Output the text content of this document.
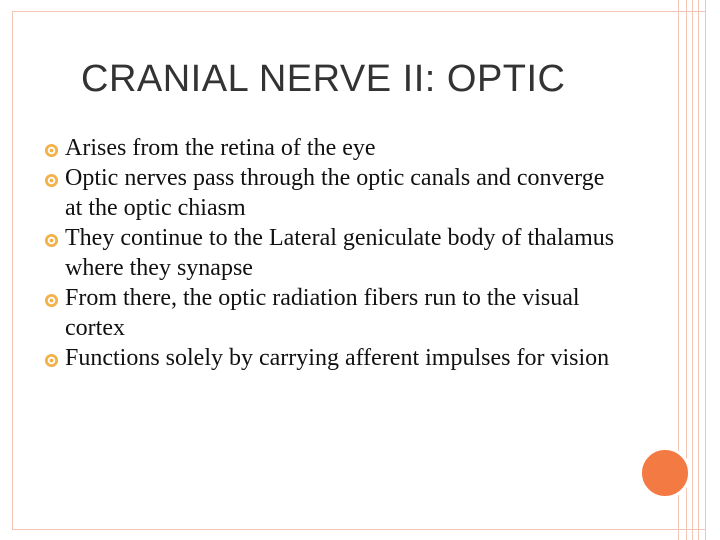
CRANIAL NERVE II: OPTIC
Arises from the retina of the eye
Optic nerves pass through the optic canals and converge at the optic chiasm
They continue to the Lateral geniculate body of thalamus where they synapse
From there, the optic radiation fibers run to the visual cortex
Functions solely by carrying afferent impulses for vision
